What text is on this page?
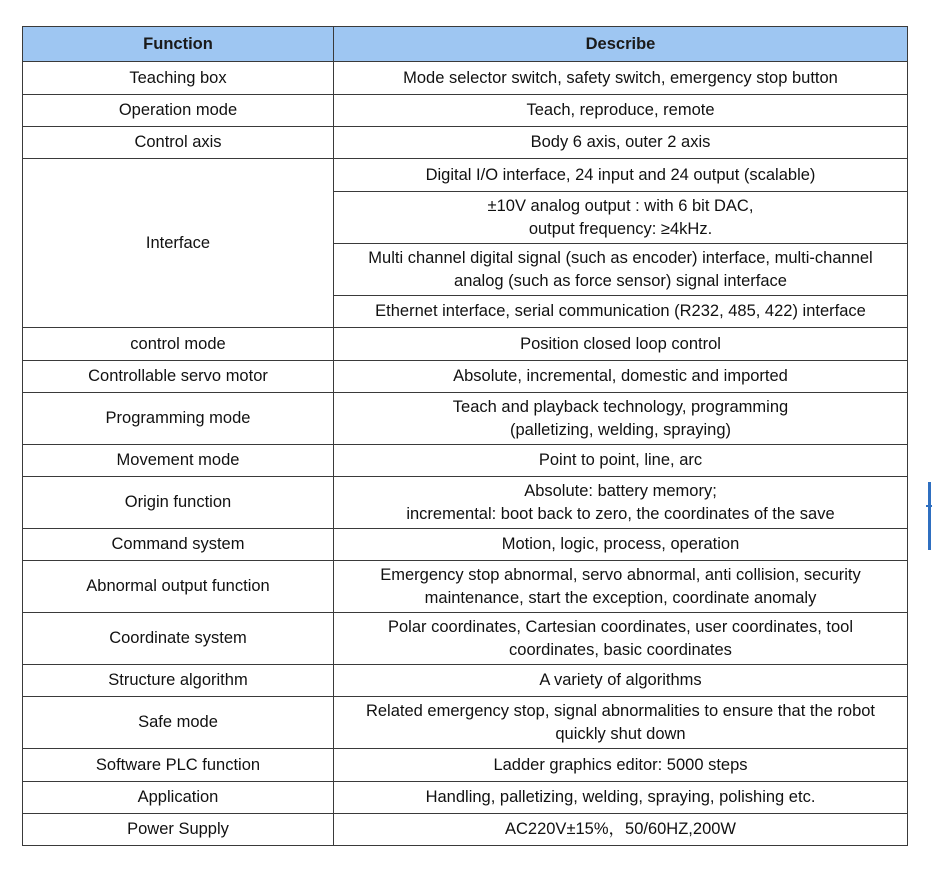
Function	Describe
Teaching box	Mode selector switch, safety switch, emergency stop button
Operation mode	Teach, reproduce, remote
Control axis	Body 6 axis, outer 2 axis
Interface	Digital I/O interface, 24 input and 24 output (scalable)

	±10V analog output : with 6 bit DAC,
output frequency: ≥4kHz.

	Multi channel digital signal (such as encoder) interface, multi-channel
analog (such as force sensor) signal interface

	Ethernet interface, serial communication (R232, 485, 422) interface

control mode	Position closed loop control
Controllable servo motor	Absolute, incremental, domestic and imported
Programming mode	Teach and playback technology, programming
(palletizing, welding, spraying)

Movement mode	Point to point, line, arc
Origin function	Absolute: battery memory;
incremental: boot back to zero, the coordinates of the save

Command system	Motion, logic, process, operation
Abnormal output function	Emergency stop abnormal, servo abnormal, anti collision, security
maintenance, start the exception, coordinate anomaly

Coordinate system	Polar coordinates, Cartesian coordinates, user coordinates, tool
coordinates, basic coordinates

Structure algorithm	A variety of algorithms
Safe mode	Related emergency stop, signal abnormalities to ensure that the robot
quickly shut down

Software PLC function	Ladder graphics editor: 5000 steps
Application	Handling, palletizing, welding, spraying, polishing etc.
Power Supply	AC220V±15%，50/60HZ,200W
